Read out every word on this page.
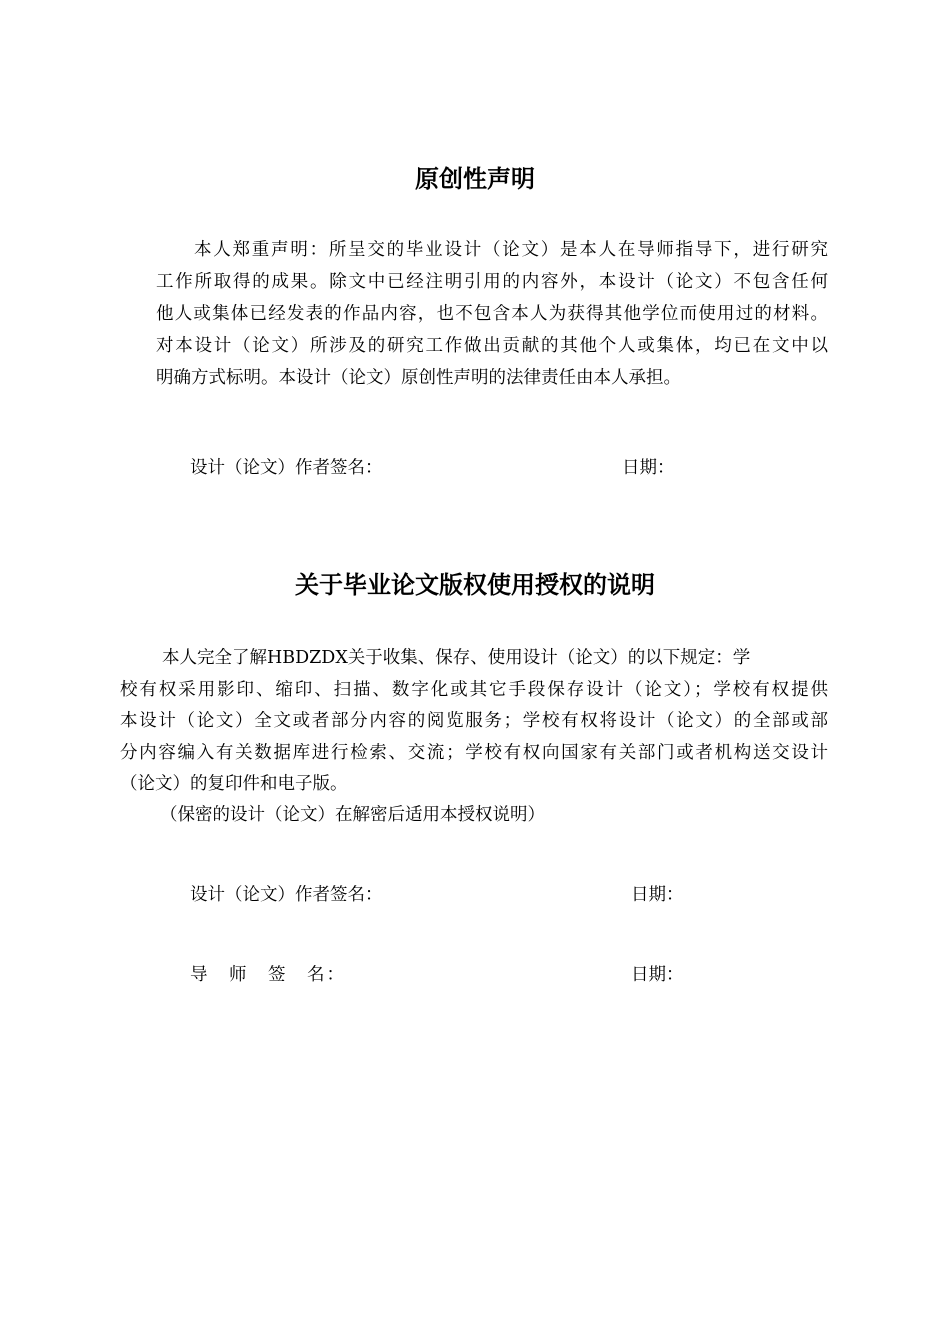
原创性声明
本人郑重声明：所呈交的毕业设计（论文）是本人在导师指导下，进行研究
工作所取得的成果。除文中已经注明引用的内容外，本设计（论文）不包含任何
他人或集体已经发表的作品内容，也不包含本人为获得其他学位而使用过的材料。
对本设计（论文）所涉及的研究工作做出贡献的其他个人或集体，均已在文中以
明确方式标明。本设计（论文）原创性声明的法律责任由本人承担。
设计（论文）作者签名：	日期：
关于毕业论文版权使用授权的说明
本人完全了解HBDZDX关于收集、保存、使用设计（论文）的以下规定：学
校有权采用影印、缩印、扫描、数字化或其它手段保存设计（论文）；学校有权提供
本设计（论文）全文或者部分内容的阅览服务；学校有权将设计（论文）的全部或部
分内容编入有关数据库进行检索、交流；学校有权向国家有关部门或者机构送交设计
（论文）的复印件和电子版。
（保密的设计（论文）在解密后适用本授权说明）
设计（论文）作者签名：	日期：
导　师　签　名：	日期：
